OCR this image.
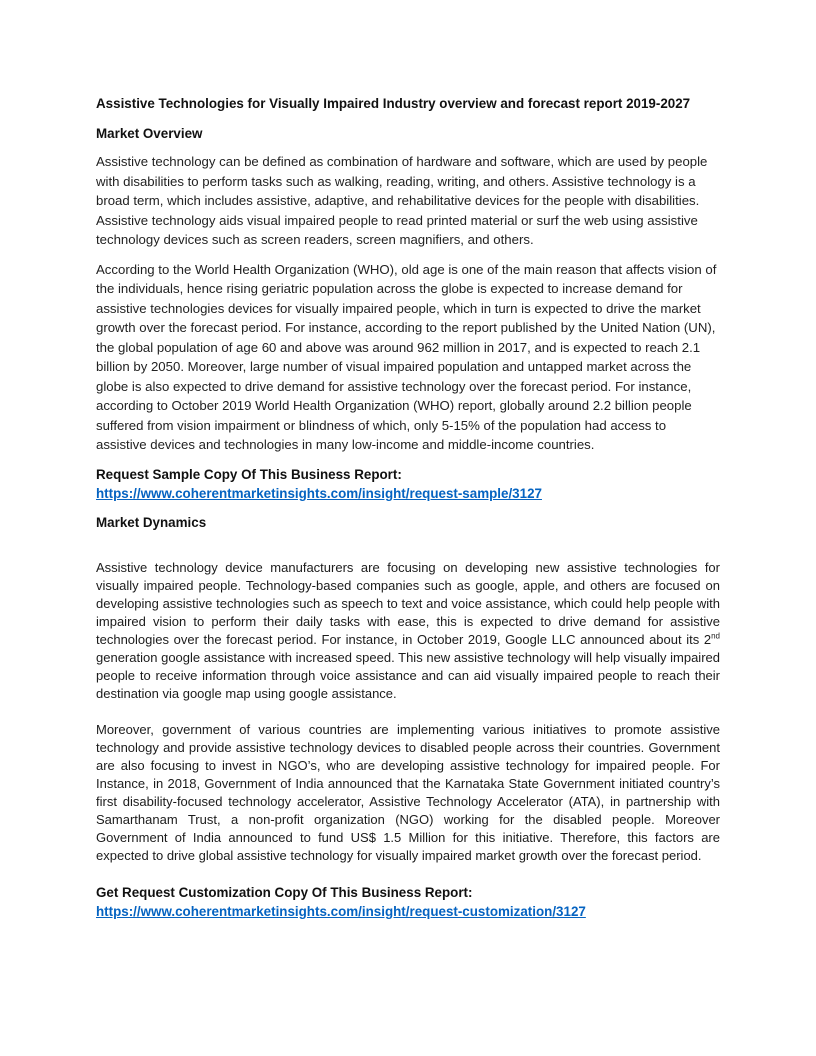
Assistive Technologies for Visually Impaired Industry overview and forecast report 2019-2027
Market Overview

Assistive technology can be defined as combination of hardware and software, which are used by people with disabilities to perform tasks such as walking, reading, writing, and others. Assistive technology is a broad term, which includes assistive, adaptive, and rehabilitative devices for the people with disabilities. Assistive technology aids visual impaired people to read printed material or surf the web using assistive technology devices such as screen readers, screen magnifiers, and others.

According to the World Health Organization (WHO), old age is one of the main reason that affects vision of the individuals, hence rising geriatric population across the globe is expected to increase demand for assistive technologies devices for visually impaired people, which in turn is expected to drive the market growth over the forecast period. For instance, according to the report published by the United Nation (UN), the global population of age 60 and above was around 962 million in 2017, and is expected to reach 2.1 billion by 2050. Moreover, large number of visual impaired population and untapped market across the globe is also expected to drive demand for assistive technology over the forecast period. For instance, according to October 2019 World Health Organization (WHO) report, globally around 2.2 billion people suffered from vision impairment or blindness of which, only 5-15% of the population had access to assistive devices and technologies in many low-income and middle-income countries.

Request Sample Copy Of This Business Report:
https://www.coherentmarketinsights.com/insight/request-sample/3127
Market Dynamics

Assistive technology device manufacturers are focusing on developing new assistive technologies for visually impaired people. Technology-based companies such as google, apple, and others are focused on developing assistive technologies such as speech to text and voice assistance, which could help people with impaired vision to perform their daily tasks with ease, this is expected to drive demand for assistive technologies over the forecast period. For instance, in October 2019, Google LLC announced about its 2nd generation google assistance with increased speed. This new assistive technology will help visually impaired people to receive information through voice assistance and can aid visually impaired people to reach their destination via google map using google assistance.

Moreover, government of various countries are implementing various initiatives to promote assistive technology and provide assistive technology devices to disabled people across their countries. Government are also focusing to invest in NGO’s, who are developing assistive technology for impaired people. For Instance, in 2018, Government of India announced that the Karnataka State Government initiated country’s first disability-focused technology accelerator, Assistive Technology Accelerator (ATA), in partnership with Samarthanam Trust, a non-profit organization (NGO) working for the disabled people. Moreover Government of India announced to fund US$ 1.5 Million for this initiative. Therefore, this factors are expected to drive global assistive technology for visually impaired market growth over the forecast period.

Get Request Customization Copy Of This Business Report:
https://www.coherentmarketinsights.com/insight/request-customization/3127
